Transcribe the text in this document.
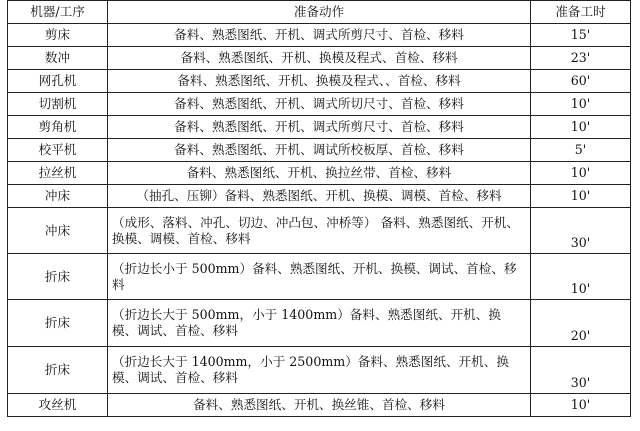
机器/工序	准备动作	准备工时
剪床	备料、熟悉图纸、开机、调式所剪尺寸、首检、移料	15'
数冲	备料、熟悉图纸、开机、换模及程式、首检、移料	23'
网孔机	备料、熟悉图纸、开机、换模及程式、、首检、移料	60'
切割机	备料、熟悉图纸、开机、调式所切尺寸、首检、移料	10'
剪角机	备料、熟悉图纸、开机、调式所剪尺寸、首检、移料	10'
校平机	备料、熟悉图纸、开机、调试所校板厚、首检、移料	5'
拉丝机	备料、熟悉图纸、开机、换拉丝带、首检、移料	10'
冲床	（抽孔、压铆）备料、熟悉图纸、开机、换模、调模、首检、移料	10'
冲床	（成形、落料、冲孔、切边、冲凸包、冲桥等） 备料、熟悉图纸、开机、换模、调模、首检、移料	30'
折床	（折边长小于 500mm）备料、熟悉图纸、开机、换模、调试、首检、移料	10'
折床	（折边长大于 500mm，小于 1400mm）备料、熟悉图纸、开机、换模、调试、首检、移料	20'
折床	（折边长大于 1400mm，小于 2500mm）备料、熟悉图纸、开机、换模、调试、首检、移料	30'
攻丝机	备料、熟悉图纸、开机、换丝锥、首检、移料	10'
